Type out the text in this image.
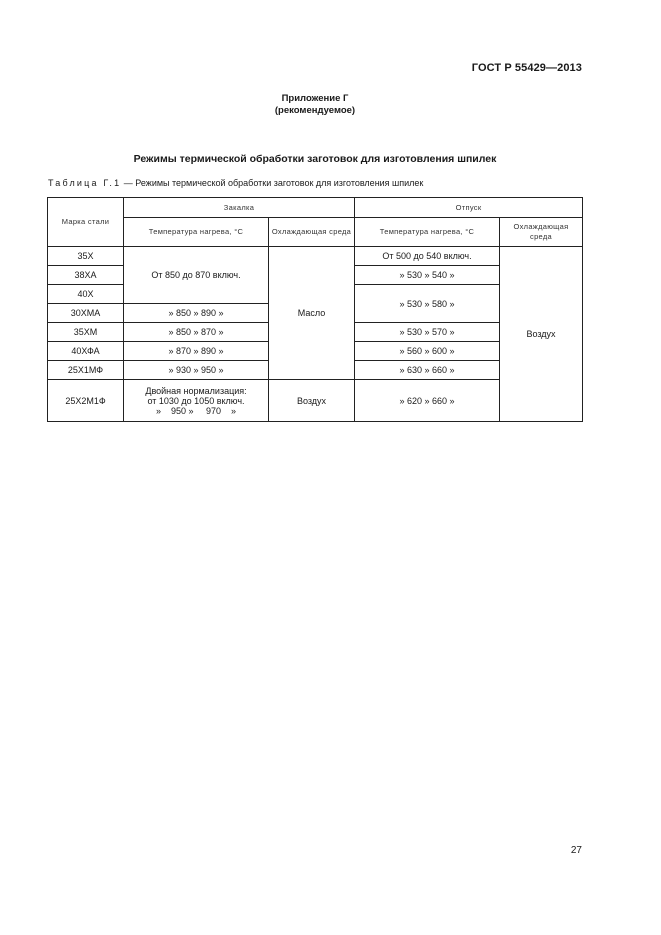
ГОСТ Р 55429—2013
Приложение Г
(рекомендуемое)
Режимы термической обработки заготовок для изготовления шпилек
Таблица Г.1 — Режимы термической обработки заготовок для изготовления шпилек
Марка стали	Закалка		Отпуск	
	Температура нагрева, °С	Охлаждающая среда	Температура нагрева, °С	Охлаждающая среда
35Х	От 850 до 870 включ.	Масло	От 500 до 540 включ.	Воздух
38ХА			» 530 » 540 »	
40Х			» 530 » 580 »	
30ХМА	» 850 » 890 »			
35ХМ	» 850 » 870 »		» 530 » 570 »	
40ХФА	» 870 » 890 »		» 560 » 600 »	
25Х1МФ	» 930 » 950 »		» 630 » 660 »	
25Х2М1Ф	Двойная нормализация:
от 1030 до 1050 включ.
»    950 »     970    »	Воздух	» 620 » 660 »	
27
